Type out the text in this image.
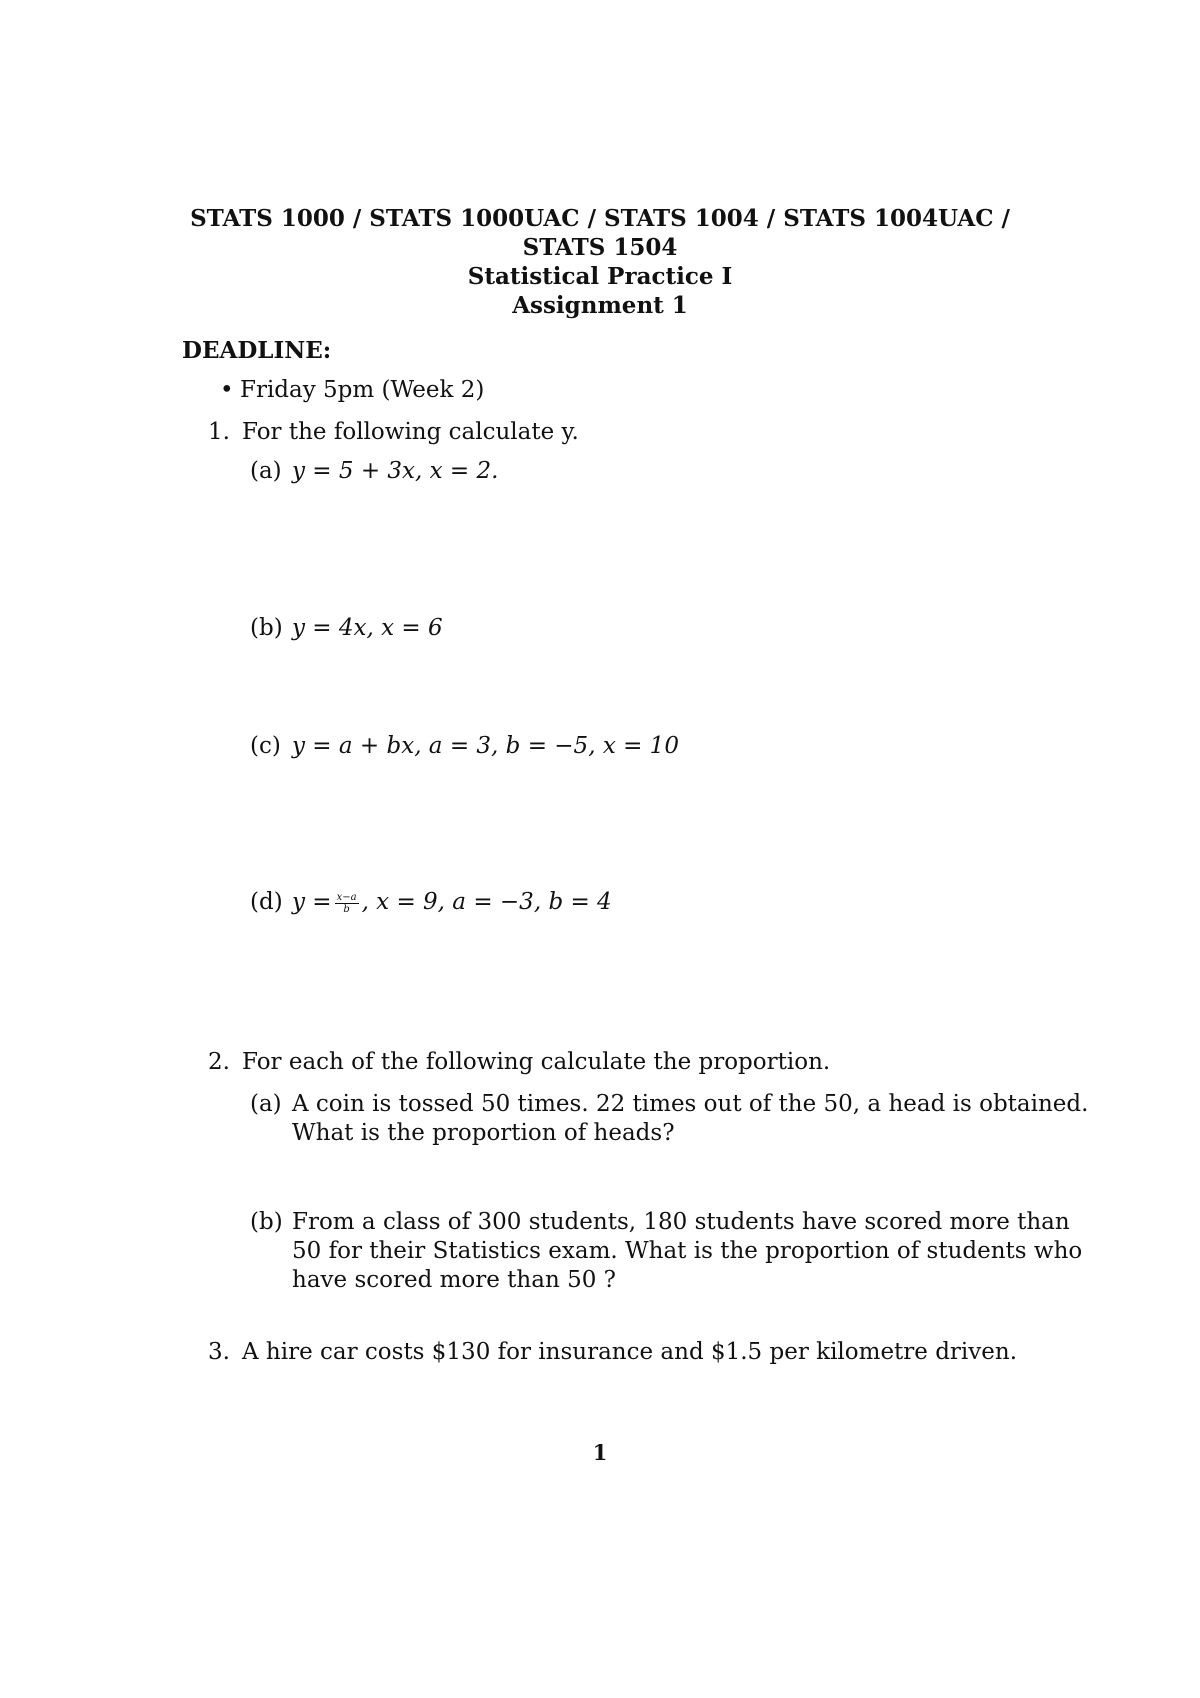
STATS 1000 / STATS 1000UAC / STATS 1004 / STATS 1004UAC /
STATS 1504
Statistical Practice I
Assignment 1
DEADLINE:
• Friday 5pm (Week 2)
1. For the following calculate y.
(a) y = 5 + 3x, x = 2.
(b) y = 4x, x = 6
(c) y = a + bx, a = 3, b = −5, x = 10
(d) $y = \frac{x-a}{b}$ , x = 9, a = −3, b = 4
2. For each of the following calculate the proportion.
(a) A coin is tossed 50 times. 22 times out of the 50, a head is obtained.
What is the proportion of heads?
(b) From a class of 300 students, 180 students have scored more than
50 for their Statistics exam. What is the proportion of students who
have scored more than 50 ?
3. A hire car costs $130 for insurance and $1.5 per kilometre driven.
1
